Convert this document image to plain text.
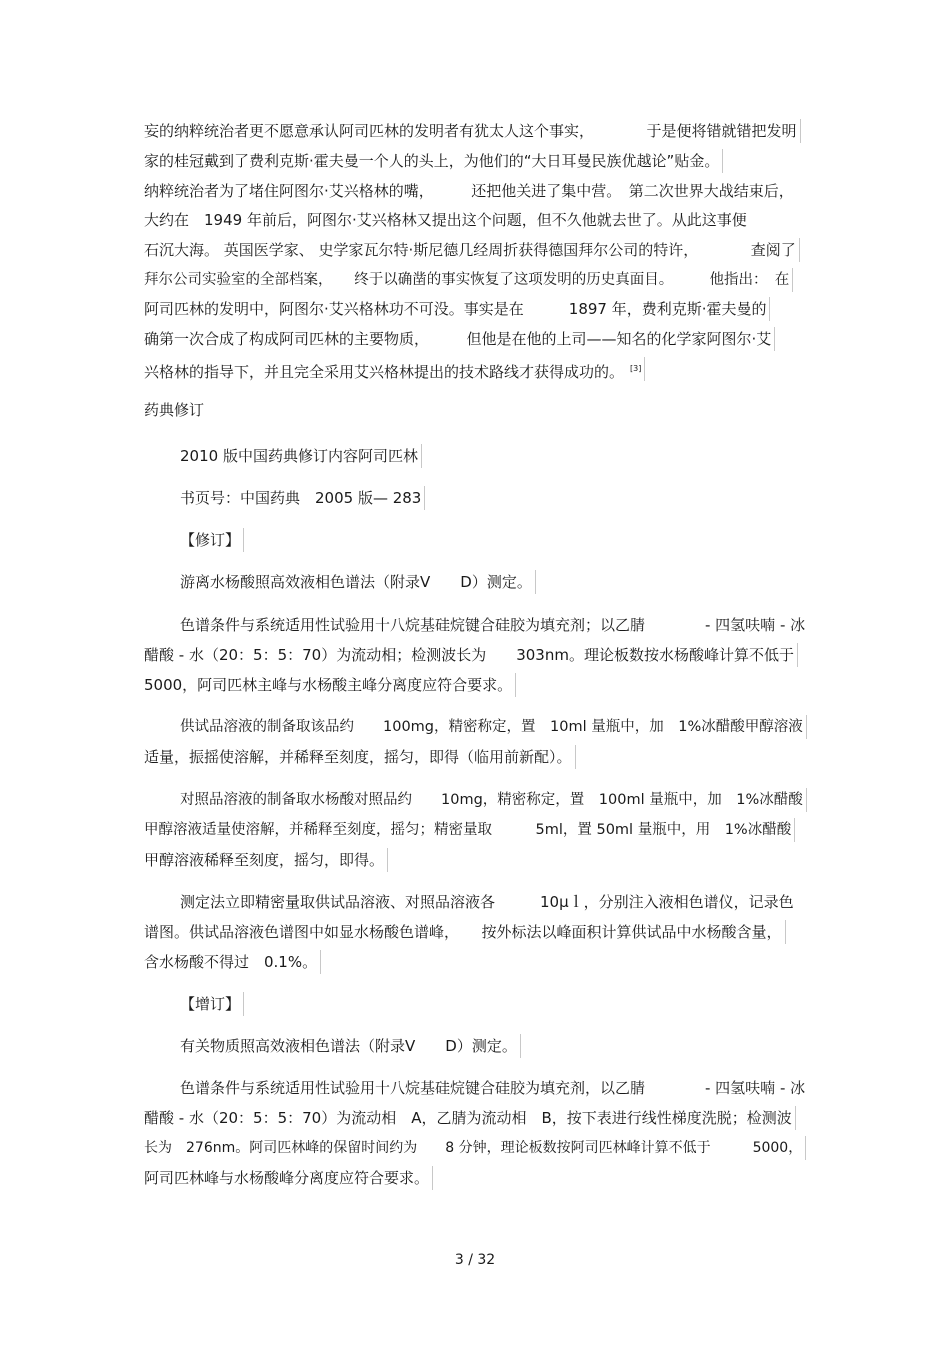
妄的纳粹统治者更不愿意承认阿司匹林的发明者有犹太人这个事实，　　　　于是便将错就错把发明
家的桂冠戴到了费利克斯·霍夫曼一个人的头上，为他们的“大日耳曼民族优越论”贴金。
纳粹统治者为了堵住阿图尔·艾兴格林的嘴，　　　还把他关进了集中营。　第二次世界大战结束后，
大约在　1949 年前后，阿图尔·艾兴格林又提出这个问题，但不久他就去世了。从此这事便
石沉大海。 英国医学家、 史学家瓦尔特·斯尼德几经周折获得德国拜尔公司的特许，　　　　查阅了
拜尔公司实验室的全部档案，　　终于以确凿的事实恢复了这项发明的历史真面目。　　　他指出：　在
阿司匹林的发明中，阿图尔·艾兴格林功不可没。事实是在　　　1897 年，费利克斯·霍夫曼的
确第一次合成了构成阿司匹林的主要物质，　　　但他是在他的上司——知名的化学家阿图尔·艾
兴格林的指导下，并且完全采用艾兴格林提出的技术路线才获得成功的。 [3]
药典修订
2010 版中国药典修订内容阿司匹林
书页号：中国药典　2005 版— 283
【修订】
游离水杨酸照高效液相色谱法（附录Ⅴ　　D）测定。
色谱条件与系统适用性试验用十八烷基硅烷键合硅胶为填充剂；以乙腈　　　　- 四氢呋喃 - 冰
醋酸 - 水（20：5：5：70）为流动相；检测波长为　　303nm。理论板数按水杨酸峰计算不低于
5000，阿司匹林主峰与水杨酸主峰分离度应符合要求。
供试品溶液的制备取该品约　　100mg，精密称定，置　10ml 量瓶中，加　1%冰醋酸甲醇溶液
适量，振摇使溶解，并稀释至刻度，摇匀，即得（临用前新配）。
对照品溶液的制备取水杨酸对照品约　　10mg，精密称定，置　100ml 量瓶中，加　1%冰醋酸
甲醇溶液适量使溶解，并稀释至刻度，摇匀；精密量取　　　5ml，置 50ml 量瓶中，用　1%冰醋酸
甲醇溶液稀释至刻度，摇匀，即得。
测定法立即精密量取供试品溶液、对照品溶液各　　　10μｌ，分别注入液相色谱仪，记录色
谱图。供试品溶液色谱图中如显水杨酸色谱峰，　　按外标法以峰面积计算供试品中水杨酸含量，
含水杨酸不得过　0.1%。
【增订】
有关物质照高效液相色谱法（附录Ⅴ　　D）测定。
色谱条件与系统适用性试验用十八烷基硅烷键合硅胶为填充剂，以乙腈　　　　- 四氢呋喃 - 冰
醋酸 - 水（20：5：5：70）为流动相　A，乙腈为流动相　B，按下表进行线性梯度洗脱；检测波
长为　276nm。阿司匹林峰的保留时间约为　　8 分钟，理论板数按阿司匹林峰计算不低于　　　5000，
阿司匹林峰与水杨酸峰分离度应符合要求。
3 / 32
